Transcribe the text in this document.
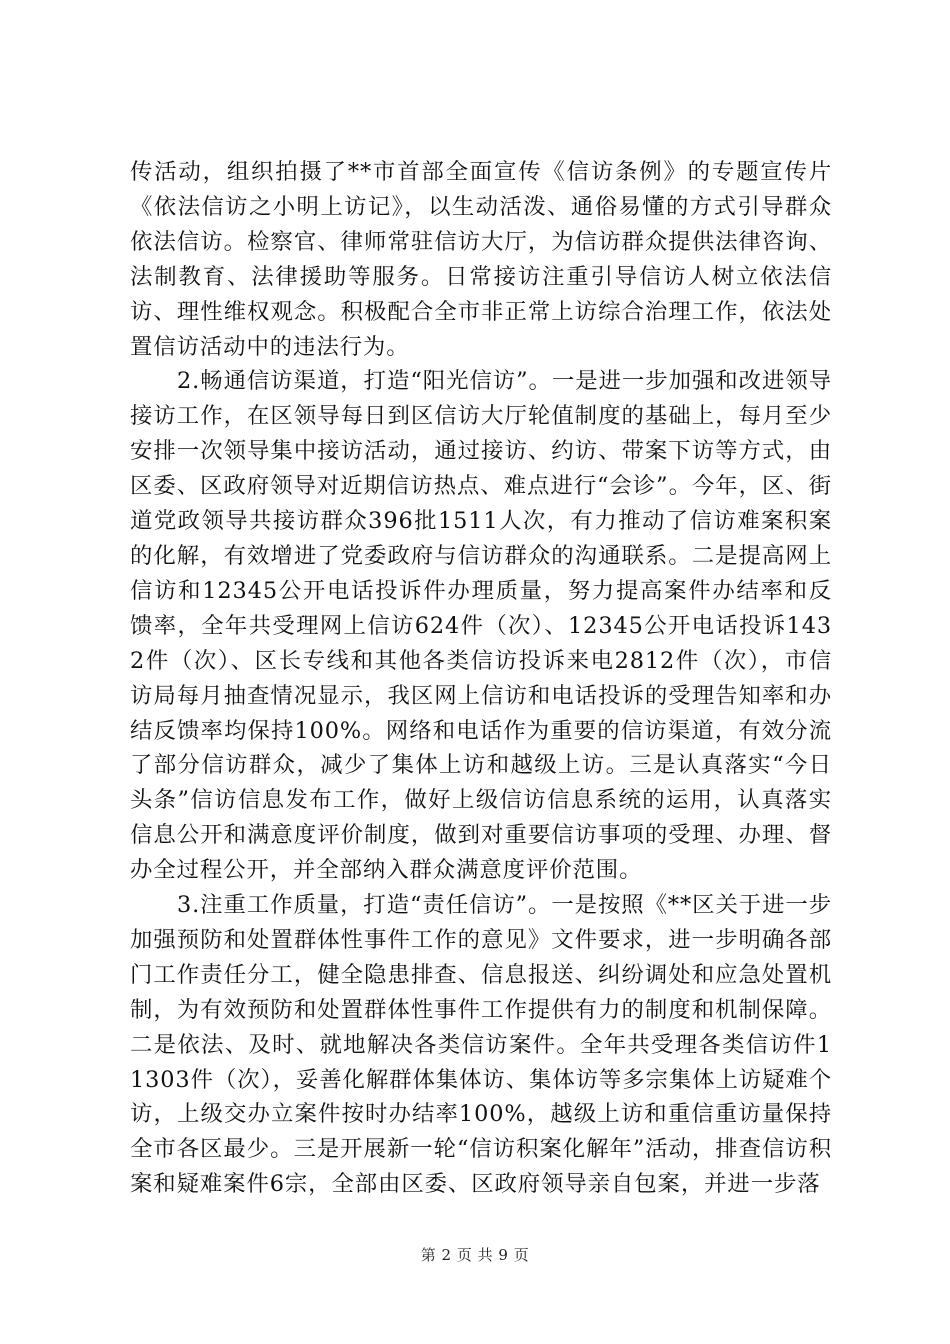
传活动，组织拍摄了**市首部全面宣传《信访条例》的专题宣传片《依法信访之小明上访记》，以生动活泼、通俗易懂的方式引导群众依法信访。检察官、律师常驻信访大厅，为信访群众提供法律咨询、法制教育、法律援助等服务。日常接访注重引导信访人树立依法信访、理性维权观念。积极配合全市非正常上访综合治理工作，依法处置信访活动中的违法行为。

2.畅通信访渠道，打造“阳光信访”。一是进一步加强和改进领导接访工作，在区领导每日到区信访大厅轮值制度的基础上，每月至少安排一次领导集中接访活动，通过接访、约访、带案下访等方式，由区委、区政府领导对近期信访热点、难点进行“会诊”。今年，区、街道党政领导共接访群众396批1511人次，有力推动了信访难案积案的化解，有效增进了党委政府与信访群众的沟通联系。二是提高网上信访和12345公开电话投诉件办理质量，努力提高案件办结率和反馈率，全年共受理网上信访624件（次）、12345公开电话投诉1432件（次）、区长专线和其他各类信访投诉来电2812件（次），市信访局每月抽查情况显示，我区网上信访和电话投诉的受理告知率和办结反馈率均保持100%。网络和电话作为重要的信访渠道，有效分流了部分信访群众，减少了集体上访和越级上访。三是认真落实“今日头条”信访信息发布工作，做好上级信访信息系统的运用，认真落实信息公开和满意度评价制度，做到对重要信访事项的受理、办理、督办全过程公开，并全部纳入群众满意度评价范围。

3.注重工作质量，打造“责任信访”。一是按照《**区关于进一步加强预防和处置群体性事件工作的意见》文件要求，进一步明确各部门工作责任分工，健全隐患排查、信息报送、纠纷调处和应急处置机制，为有效预防和处置群体性事件工作提供有力的制度和机制保障。二是依法、及时、就地解决各类信访案件。全年共受理各类信访件11303件（次），妥善化解群体集体访、集体访等多宗集体上访疑难个访，上级交办立案件按时办结率100%，越级上访和重信重访量保持全市各区最少。三是开展新一轮“信访积案化解年”活动，排查信访积案和疑难案件6宗，全部由区委、区政府领导亲自包案，并进一步落

第 2 页 共 9 页
